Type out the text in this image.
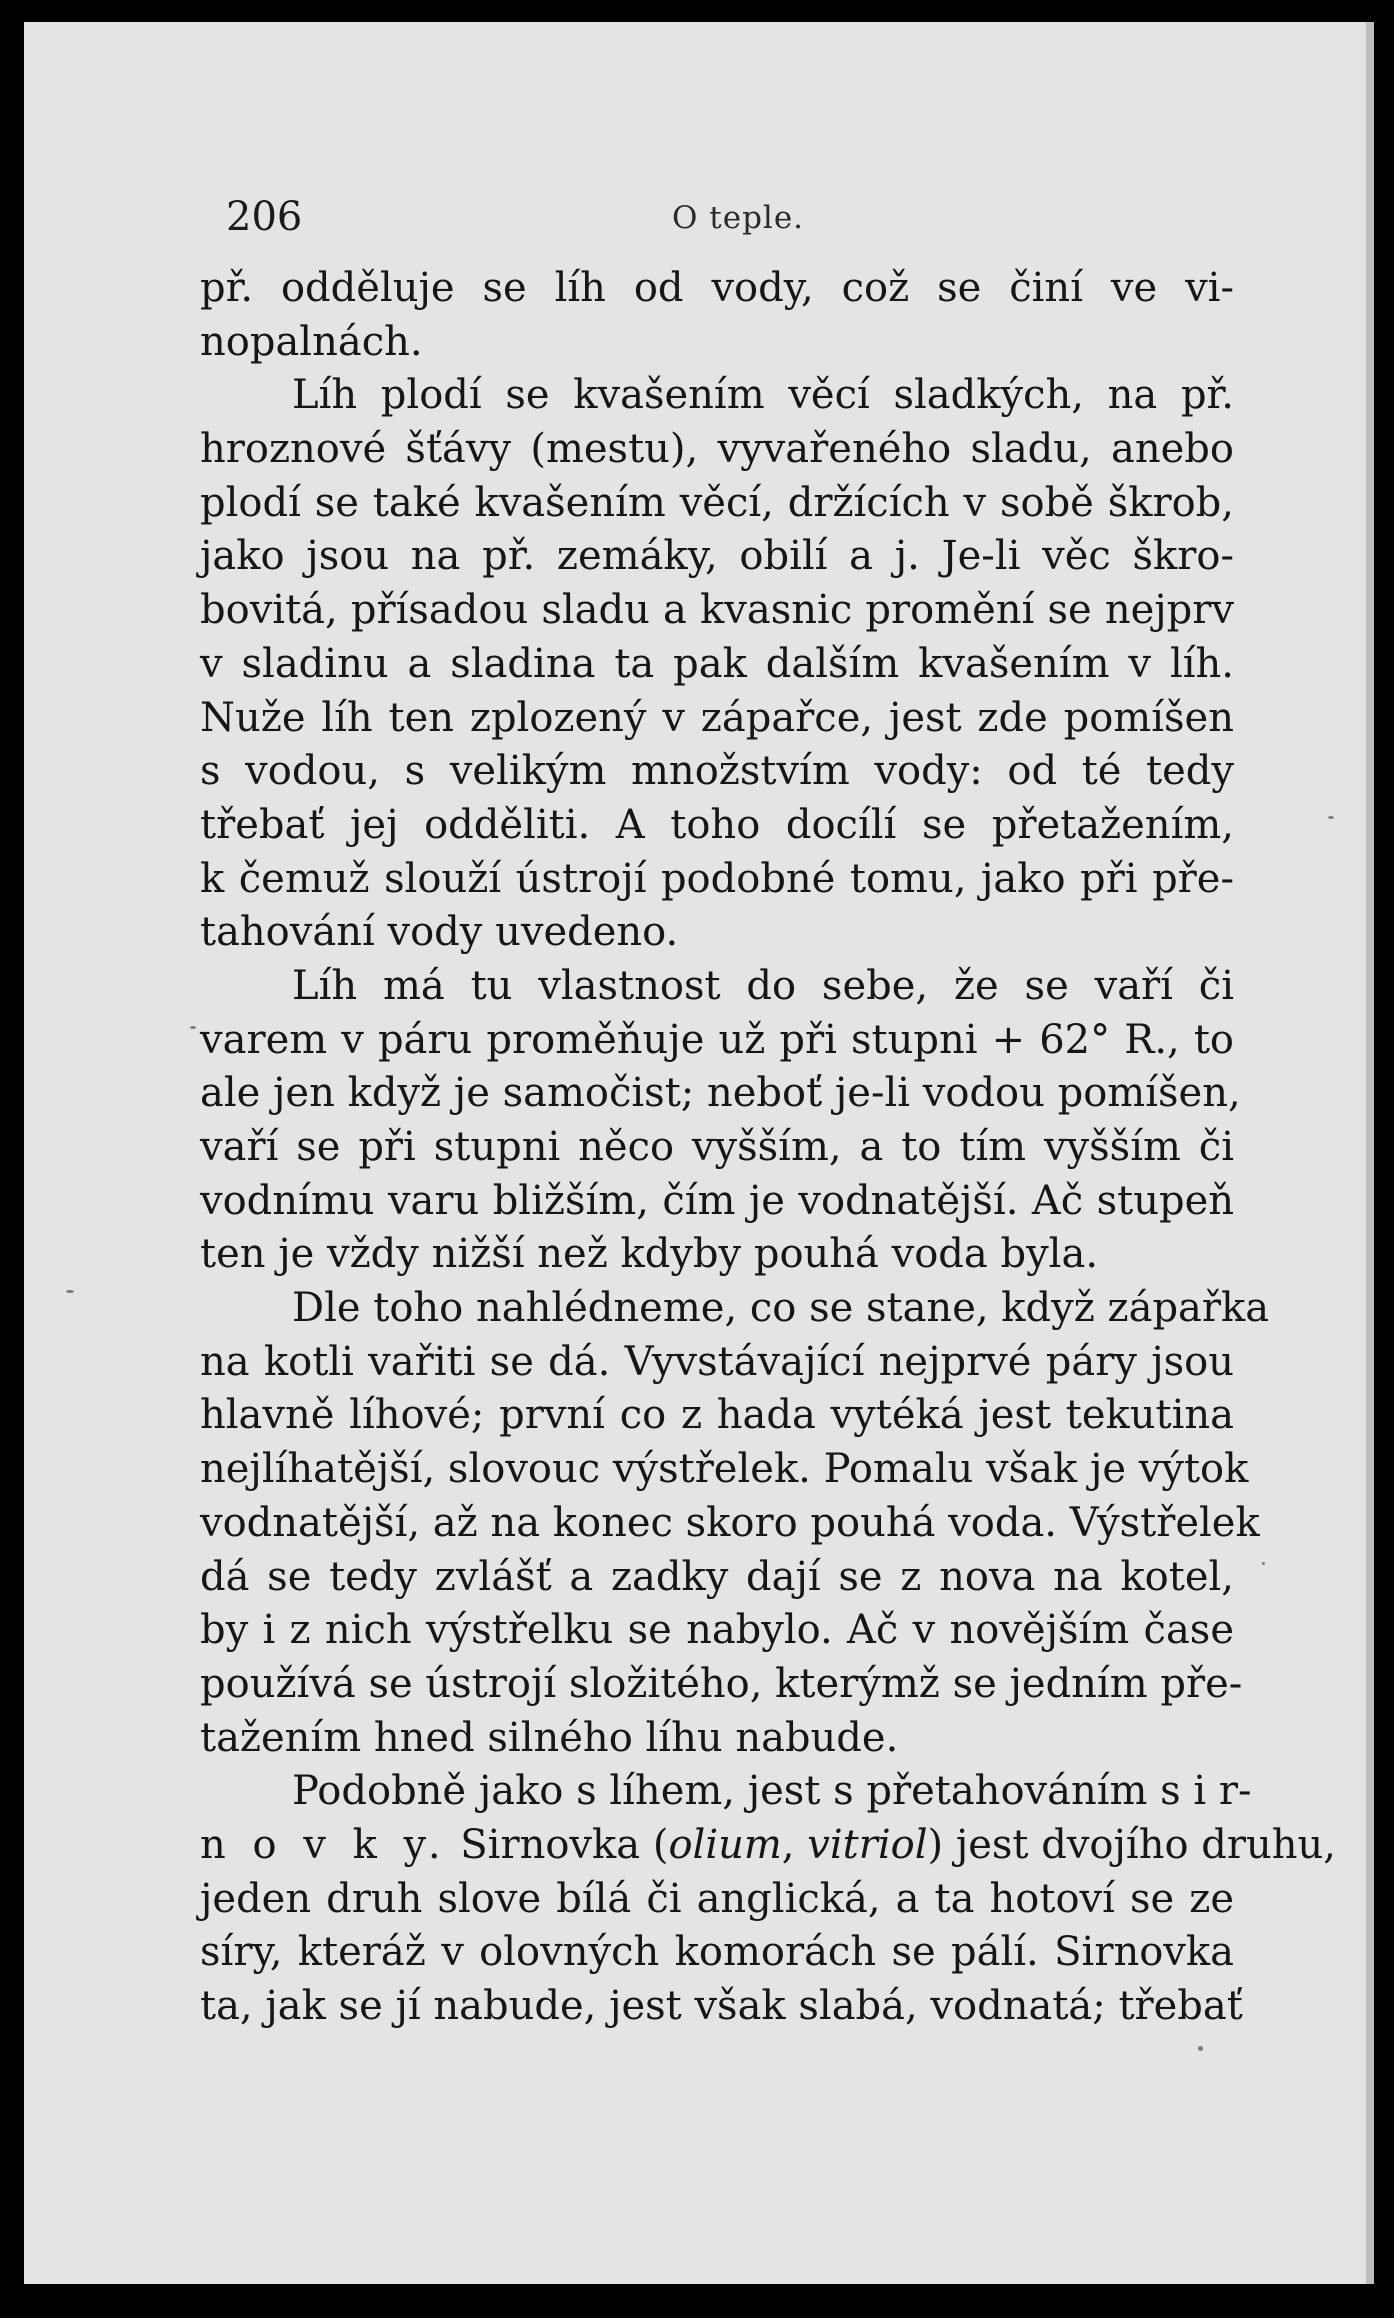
206	O teple.
př. odděluje se líh od vody, což se činí ve vi-
nopalnách.
Líh plodí se kvašením věcí sladkých, na př.
hroznové šťávy (mestu), vyvařeného sladu, anebo
plodí se také kvašením věcí, držících v sobě škrob,
jako jsou na př. zemáky, obilí a j. Je-li věc škro-
bovitá, přísadou sladu a kvasnic promění se nejprv
v sladinu a sladina ta pak dalším kvašením v líh.
Nuže líh ten zplozený v zápařce, jest zde pomíšen
s vodou, s velikým množstvím vody: od té tedy
třebať jej odděliti. A toho docílí se přetažením,
k čemuž slouží ústrojí podobné tomu, jako při pře-
tahování vody uvedeno.
Líh má tu vlastnost do sebe, že se vaří či
varem v páru proměňuje už při stupni + 62° R., to
ale jen když je samočist; neboť je-li vodou pomíšen,
vaří se při stupni něco vyšším, a to tím vyšším či
vodnímu varu bližším, čím je vodnatější. Ač stupeň
ten je vždy nižší než kdyby pouhá voda byla.
Dle toho nahlédneme, co se stane, když zápařka
na kotli vařiti se dá. Vyvstávající nejprvé páry jsou
hlavně líhové; první co z hada vytéká jest tekutina
nejlíhatější, slovouc výstřelek. Pomalu však je výtok
vodnatější, až na konec skoro pouhá voda. Výstřelek
dá se tedy zvlášť a zadky dají se z nova na kotel,
by i z nich výstřelku se nabylo. Ač v novějším čase
používá se ústrojí složitého, kterýmž se jedním pře-
tažením hned silného líhu nabude.
Podobně jako s líhem, jest s přetahováním s i r-
n o v k y. Sirnovka (olium, vitriol) jest dvojího druhu,
jeden druh slove bílá či anglická, a ta hotoví se ze
síry, kteráž v olovných komorách se pálí. Sirnovka
ta, jak se jí nabude, jest však slabá, vodnatá; třebať
